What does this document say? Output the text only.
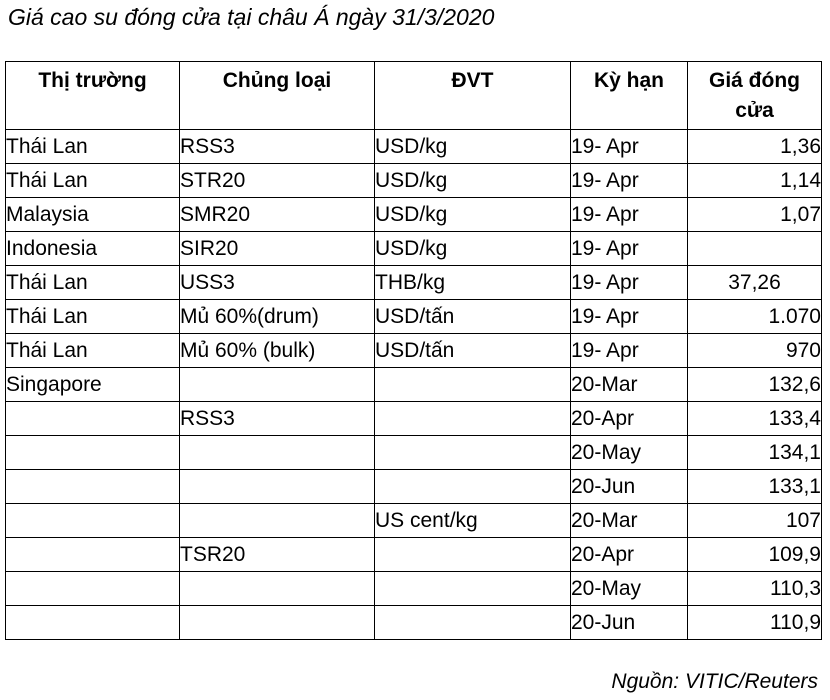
Giá cao su đóng cửa tại châu Á ngày 31/3/2020
Thị trường	Chủng loại	ĐVT	Kỳ hạn	Giá đóng cửa
Thái Lan	RSS3	USD/kg	19- Apr	1,36
Thái Lan	STR20	USD/kg	19- Apr	1,14
Malaysia	SMR20	USD/kg	19- Apr	1,07
Indonesia	SIR20	USD/kg	19- Apr	
Thái Lan	USS3	THB/kg	19- Apr	37,26
Thái Lan	Mủ 60%(drum)	USD/tấn	19- Apr	1.070
Thái Lan	Mủ 60% (bulk)	USD/tấn	19- Apr	970
Singapore			20-Mar	132,6
	RSS3		20-Apr	133,4
			20-May	134,1
			20-Jun	133,1
		US cent/kg	20-Mar	107
	TSR20		20-Apr	109,9
			20-May	110,3
			20-Jun	110,9
Nguồn: VITIC/Reuters
